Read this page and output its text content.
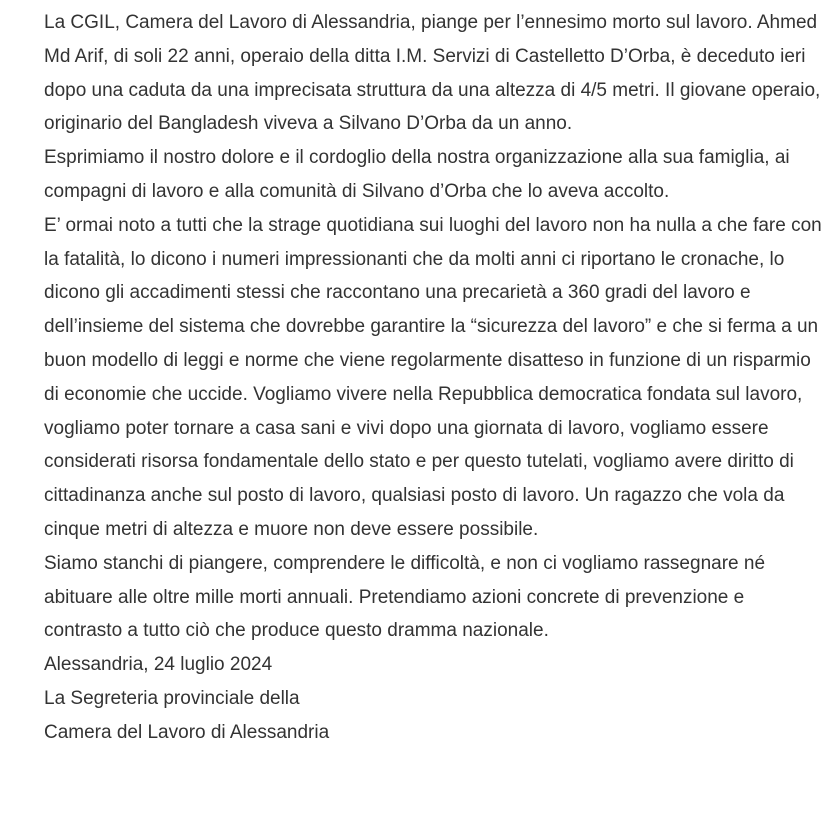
La CGIL, Camera del Lavoro di Alessandria, piange per l’ennesimo morto sul lavoro. Ahmed Md Arif, di soli 22 anni, operaio della ditta I.M. Servizi di Castelletto D’Orba, è deceduto ieri dopo una caduta da una imprecisata struttura da una altezza di 4/5 metri. Il giovane operaio, originario del Bangladesh viveva a Silvano D’Orba da un anno.

Esprimiamo il nostro dolore e il cordoglio della nostra organizzazione alla sua famiglia, ai compagni di lavoro e alla comunità di Silvano d’Orba che lo aveva accolto.

E’ ormai noto a tutti che la strage quotidiana sui luoghi del lavoro non ha nulla a che fare con la fatalità, lo dicono i numeri impressionanti che da molti anni ci riportano le cronache, lo dicono gli accadimenti stessi che raccontano una precarietà a 360 gradi del lavoro e dell’insieme del sistema che dovrebbe garantire la “sicurezza del lavoro” e che si ferma a un buon modello di leggi e norme che viene regolarmente disatteso in funzione di un risparmio di economie che uccide. Vogliamo vivere nella Repubblica democratica fondata sul lavoro, vogliamo poter tornare a casa sani e vivi dopo una giornata di lavoro, vogliamo essere considerati risorsa fondamentale dello stato e per questo tutelati, vogliamo avere diritto di cittadinanza anche sul posto di lavoro, qualsiasi posto di lavoro. Un ragazzo che vola da cinque metri di altezza e muore non deve essere possibile.

Siamo stanchi di piangere, comprendere le difficoltà, e non ci vogliamo rassegnare né abituare alle oltre mille morti annuali. Pretendiamo azioni concrete di prevenzione e contrasto a tutto ciò che produce questo dramma nazionale.

Alessandria, 24 luglio 2024

La Segreteria provinciale della

Camera del Lavoro di Alessandria
